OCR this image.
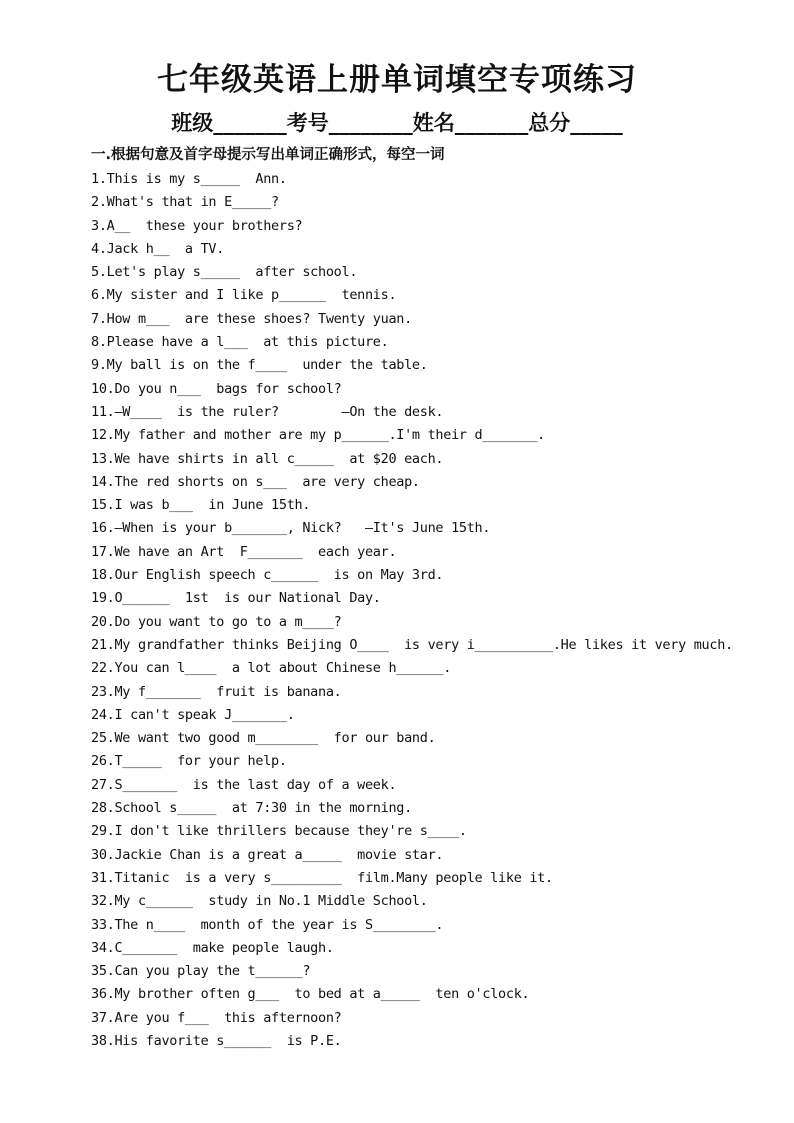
七年级英语上册单词填空专项练习
班级_______考号________姓名_______总分_____
一.根据句意及首字母提示写出单词正确形式，每空一词
1.This is my s_____  Ann.
2.What's that in E_____?
3.A__  these your brothers?
4.Jack h__  a TV.
5.Let's play s_____  after school.
6.My sister and I like p______  tennis.
7.How m___  are these shoes? Twenty yuan.
8.Please have a l___  at this picture.
9.My ball is on the f____  under the table.
10.Do you n___  bags for school?
11.—W____  is the ruler?        —On the desk.
12.My father and mother are my p______.I'm their d_______.
13.We have shirts in all c_____  at $20 each.
14.The red shorts on s___  are very cheap.
15.I was b___  in June 15th.
16.—When is your b_______, Nick?   —It's June 15th.
17.We have an Art  F_______  each year.
18.Our English speech c______  is on May 3rd.
19.O______  1st  is our National Day.
20.Do you want to go to a m____?
21.My grandfather thinks Beijing O____  is very i__________.He likes it very much.
22.You can l____  a lot about Chinese h______.
23.My f_______  fruit is banana.
24.I can't speak J_______.
25.We want two good m________  for our band.
26.T_____  for your help.
27.S_______  is the last day of a week.
28.School s_____  at 7:30 in the morning.
29.I don't like thrillers because they're s____.
30.Jackie Chan is a great a_____  movie star.
31.Titanic  is a very s_________  film.Many people like it.
32.My c______  study in No.1 Middle School.
33.The n____  month of the year is S________.
34.C_______  make people laugh.
35.Can you play the t______?
36.My brother often g___  to bed at a_____  ten o'clock.
37.Are you f___  this afternoon?
38.His favorite s______  is P.E.
